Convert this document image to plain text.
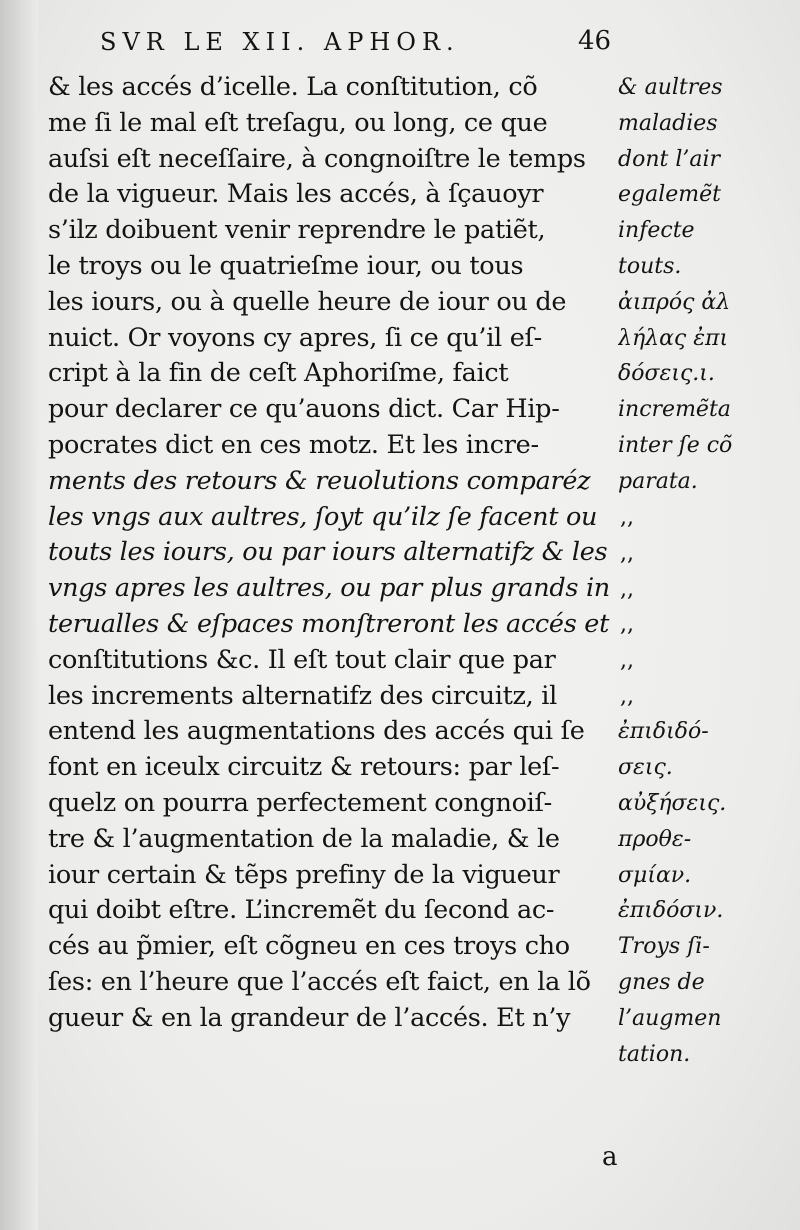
SVR LE XII. APHOR.	46
& les accés d’icelle. La conſtitution, cõ
me ſi le mal eſt treſagu, ou long, ce que
auſsi eſt neceſſaire, à congnoiſtre le temps
de la vigueur. Mais les accés, à ſçauoyr
s’ilz doibuent venir reprendre le patiẽt,
le troys ou le quatrieſme iour, ou tous
les iours, ou à quelle heure de iour ou de
nuict. Or voyons cy apres, ſi ce qu’il eſ-
cript à la fin de ceſt Aphoriſme, faict
pour declarer ce qu’auons dict. Car Hip-
pocrates dict en ces motz. Et les incre-
ments des retours & reuolutions comparéz
les vngs aux aultres, ſoyt qu’ilz ſe facent ou
touts les iours, ou par iours alternatifz & les
vngs apres les aultres, ou par plus grands in
terualles & eſpaces monſtreront les accés et
conſtitutions &c. Il eſt tout clair que par
les increments alternatifz des circuitz, il
entend les augmentations des accés qui ſe
font en iceulx circuitz & retours: par leſ-
quelz on pourra perfectement congnoiſ-
tre & l’augmentation de la maladie, & le
iour certain & tẽps prefiny de la vigueur
qui doibt eſtre. L’incremẽt du ſecond ac-
cés au p̃mier, eſt cõgneu en ces troys cho
ſes: en l’heure que l’accés eſt faict, en la lõ
gueur & en la grandeur de l’accés. Et n’y
& aultres
maladies
dont l’air
egalemẽt
infecte
touts.
ἀιπρός ἀλ
λήλας ἐπι
δόσεις.ι.
incremẽta
inter ſe cõ
parata.
ἐπιδιδό-
σεις.
αὐξήσεις.
προθε-
σμίαν.
ἐπιδόσιν.
Troys ſi-
gnes de
l’augmen
tation.
,,
,,
,,
,,
,,
,,
a
